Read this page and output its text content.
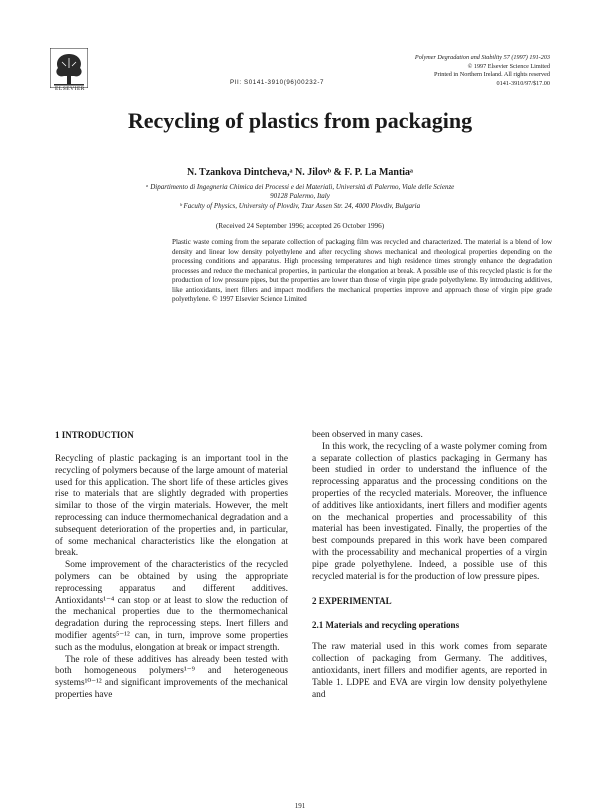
ELSEVIER
Polymer Degradation and Stability 57 (1997) 191-203
© 1997 Elsevier Science Limited
Printed in Northern Ireland. All rights reserved
0141-3910/97/$17.00
PII: S0141-3910(96)00232-7
Recycling of plastics from packaging
N. Tzankova Dintcheva,ᵃ N. Jilovᵇ & F. P. La Mantiaᵃ
ᵃ Dipartimento di Ingegneria Chimica dei Processi e dei Materiali, Università di Palermo, Viale delle Scienze
90128 Palermo, Italy
ᵇ Faculty of Physics, University of Plovdiv, Tzar Assen Str. 24, 4000 Plovdiv, Bulgaria
(Received 24 September 1996; accepted 26 October 1996)
Plastic waste coming from the separate collection of packaging film was recycled and characterized. The material is a blend of low density and linear low density polyethylene and after recycling shows mechanical and rheological properties depending on the processing conditions and apparatus. High processing temperatures and high residence times strongly enhance the degradation processes and reduce the mechanical properties, in particular the elongation at break. A possible use of this recycled plastic is for the production of low pressure pipes, but the properties are lower than those of virgin pipe grade polyethylene. By introducing additives, like antioxidants, inert fillers and impact modifiers the mechanical properties improve and approach those of virgin pipe grade polyethylene. © 1997 Elsevier Science Limited
1 INTRODUCTION

Recycling of plastic packaging is an important tool in the recycling of polymers because of the large amount of material used for this application. The short life of these articles gives rise to materials that are slightly degraded with properties similar to those of the virgin materials. However, the melt reprocessing can induce thermomechanical degradation and a subsequent deterioration of the properties and, in particular, of some mechanical characteristics like the elongation at break.

Some improvement of the characteristics of the recycled polymers can be obtained by using the appropriate reprocessing apparatus and different additives. Antioxidants¹⁻⁴ can stop or at least to slow the reduction of the mechanical properties due to the thermomechanical degradation during the reprocessing steps. Inert fillers and modifier agents⁵⁻¹² can, in turn, improve some properties such as the modulus, elongation at break or impact strength.

The role of these additives has already been tested with both homogeneous polymers¹⁻⁹ and heterogeneous systems¹⁰⁻¹² and significant improvements of the mechanical properties have

been observed in many cases.

In this work, the recycling of a waste polymer coming from a separate collection of plastics packaging in Germany has been studied in order to understand the influence of the reprocessing apparatus and the processing conditions on the properties of the recycled materials. Moreover, the influence of additives like antioxidants, inert fillers and modifier agents on the mechanical properties and processability of this material has been investigated. Finally, the properties of the best compounds prepared in this work have been compared with the processability and mechanical properties of a virgin pipe grade polyethylene. Indeed, a possible use of this recycled material is for the production of low pressure pipes.

2 EXPERIMENTAL
2.1 Materials and recycling operations

The raw material used in this work comes from separate collection of packaging from Germany. The additives, antioxidants, inert fillers and modifier agents, are reported in Table 1. LDPE and EVA are virgin low density polyethylene and

191
